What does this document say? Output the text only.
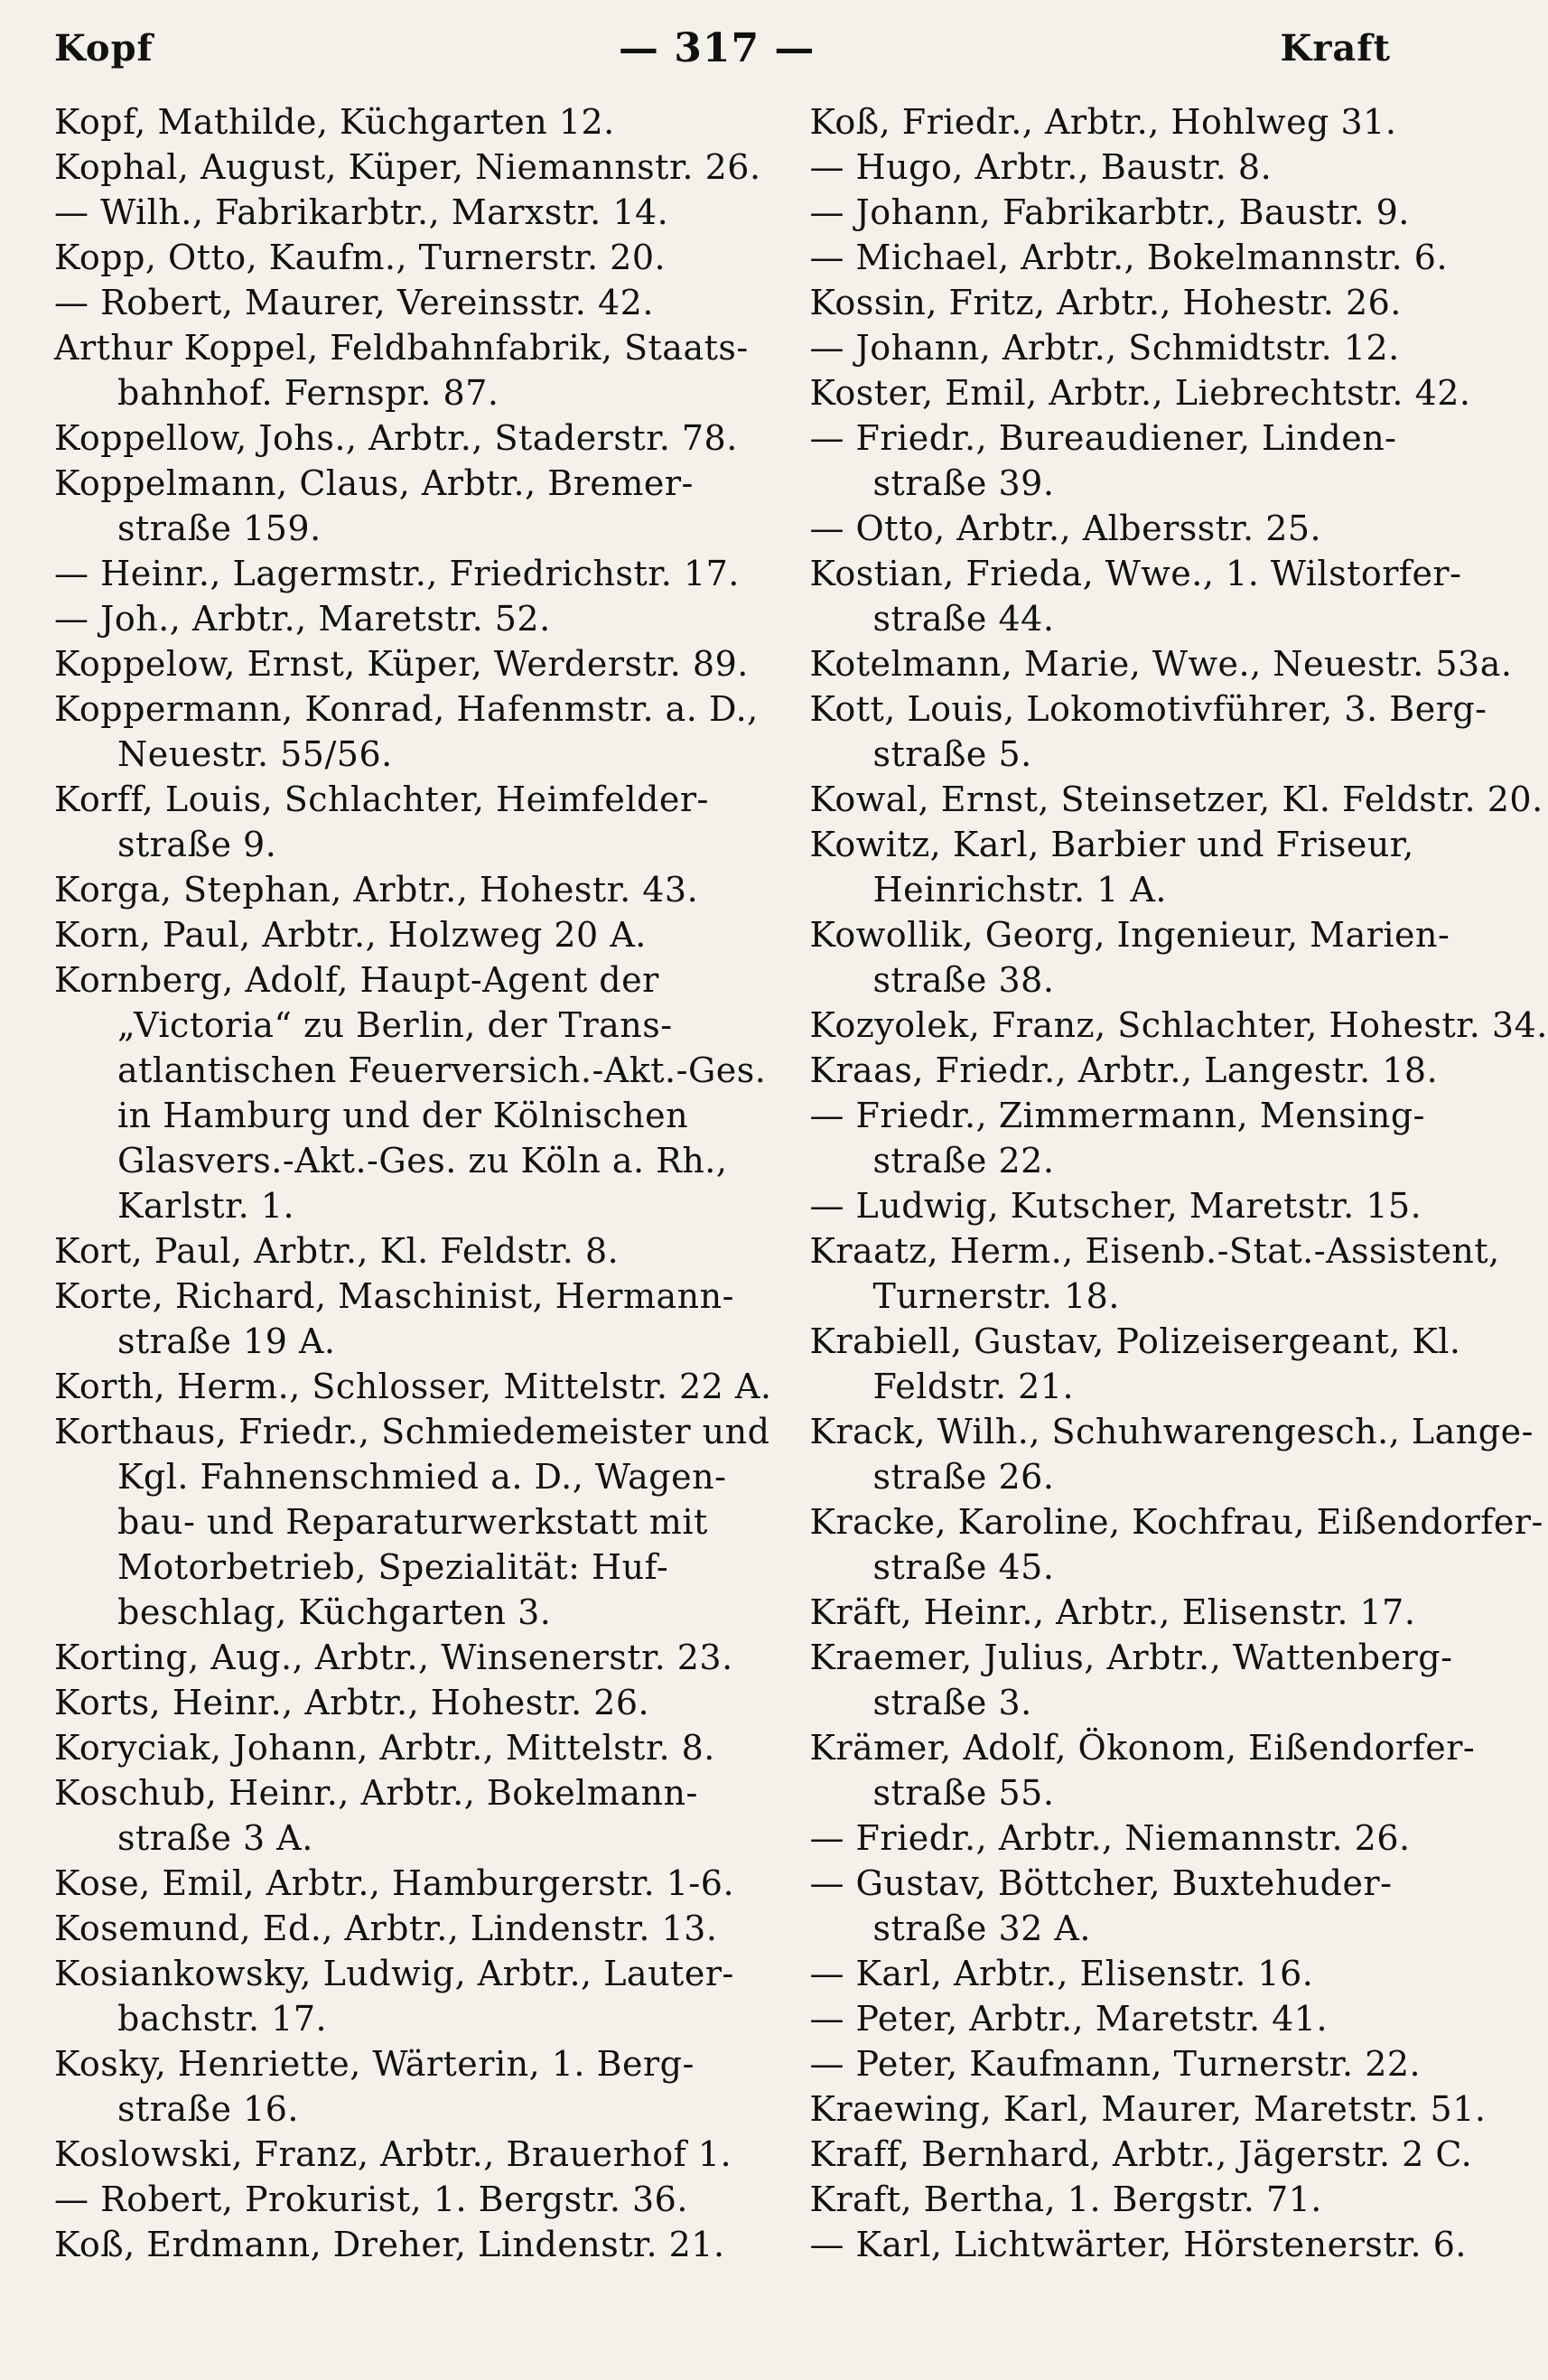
Kopf	— 317 —	Kraft
Kopf, Mathilde, Küchgarten 12.
Kophal, August, Küper, Niemannstr. 26.
— Wilh., Fabrikarbtr., Marxstr. 14.
Kopp, Otto, Kaufm., Turnerstr. 20.
— Robert, Maurer, Vereinsstr. 42.
Arthur Koppel, Feldbahnfabrik, Staats-
bahnhof. Fernspr. 87.
Koppellow, Johs., Arbtr., Staderstr. 78.
Koppelmann, Claus, Arbtr., Bremer-
straße 159.
— Heinr., Lagermstr., Friedrichstr. 17.
— Joh., Arbtr., Maretstr. 52.
Koppelow, Ernst, Küper, Werderstr. 89.
Koppermann, Konrad, Hafenmstr. a. D.,
Neuestr. 55/56.
Korff, Louis, Schlachter, Heimfelder-
straße 9.
Korga, Stephan, Arbtr., Hohestr. 43.
Korn, Paul, Arbtr., Holzweg 20 A.
Kornberg, Adolf, Haupt-Agent der
„Victoria“ zu Berlin, der Trans-
atlantischen Feuerversich.-Akt.-Ges.
in Hamburg und der Kölnischen
Glasvers.-Akt.-Ges. zu Köln a. Rh.,
Karlstr. 1.
Kort, Paul, Arbtr., Kl. Feldstr. 8.
Korte, Richard, Maschinist, Hermann-
straße 19 A.
Korth, Herm., Schlosser, Mittelstr. 22 A.
Korthaus, Friedr., Schmiedemeister und
Kgl. Fahnenschmied a. D., Wagen-
bau- und Reparaturwerkstatt mit
Motorbetrieb, Spezialität: Huf-
beschlag, Küchgarten 3.
Korting, Aug., Arbtr., Winsenerstr. 23.
Korts, Heinr., Arbtr., Hohestr. 26.
Koryciak, Johann, Arbtr., Mittelstr. 8.
Koschub, Heinr., Arbtr., Bokelmann-
straße 3 A.
Kose, Emil, Arbtr., Hamburgerstr. 1-6.
Kosemund, Ed., Arbtr., Lindenstr. 13.
Kosiankowsky, Ludwig, Arbtr., Lauter-
bachstr. 17.
Kosky, Henriette, Wärterin, 1. Berg-
straße 16.
Koslowski, Franz, Arbtr., Brauerhof 1.
— Robert, Prokurist, 1. Bergstr. 36.
Koß, Erdmann, Dreher, Lindenstr. 21.
Koß, Friedr., Arbtr., Hohlweg 31.
— Hugo, Arbtr., Baustr. 8.
— Johann, Fabrikarbtr., Baustr. 9.
— Michael, Arbtr., Bokelmannstr. 6.
Kossin, Fritz, Arbtr., Hohestr. 26.
— Johann, Arbtr., Schmidtstr. 12.
Koster, Emil, Arbtr., Liebrechtstr. 42.
— Friedr., Bureaudiener, Linden-
straße 39.
— Otto, Arbtr., Albersstr. 25.
Kostian, Frieda, Wwe., 1. Wilstorfer-
straße 44.
Kotelmann, Marie, Wwe., Neuestr. 53a.
Kott, Louis, Lokomotivführer, 3. Berg-
straße 5.
Kowal, Ernst, Steinsetzer, Kl. Feldstr. 20.
Kowitz, Karl, Barbier und Friseur,
Heinrichstr. 1 A.
Kowollik, Georg, Ingenieur, Marien-
straße 38.
Kozyolek, Franz, Schlachter, Hohestr. 34.
Kraas, Friedr., Arbtr., Langestr. 18.
— Friedr., Zimmermann, Mensing-
straße 22.
— Ludwig, Kutscher, Maretstr. 15.
Kraatz, Herm., Eisenb.-Stat.-Assistent,
Turnerstr. 18.
Krabiell, Gustav, Polizeisergeant, Kl.
Feldstr. 21.
Krack, Wilh., Schuhwarengesch., Lange-
straße 26.
Kracke, Karoline, Kochfrau, Eißendorfer-
straße 45.
Kräft, Heinr., Arbtr., Elisenstr. 17.
Kraemer, Julius, Arbtr., Wattenberg-
straße 3.
Krämer, Adolf, Ökonom, Eißendorfer-
straße 55.
— Friedr., Arbtr., Niemannstr. 26.
— Gustav, Böttcher, Buxtehuder-
straße 32 A.
— Karl, Arbtr., Elisenstr. 16.
— Peter, Arbtr., Maretstr. 41.
— Peter, Kaufmann, Turnerstr. 22.
Kraewing, Karl, Maurer, Maretstr. 51.
Kraff, Bernhard, Arbtr., Jägerstr. 2 C.
Kraft, Bertha, 1. Bergstr. 71.
— Karl, Lichtwärter, Hörstenerstr. 6.
